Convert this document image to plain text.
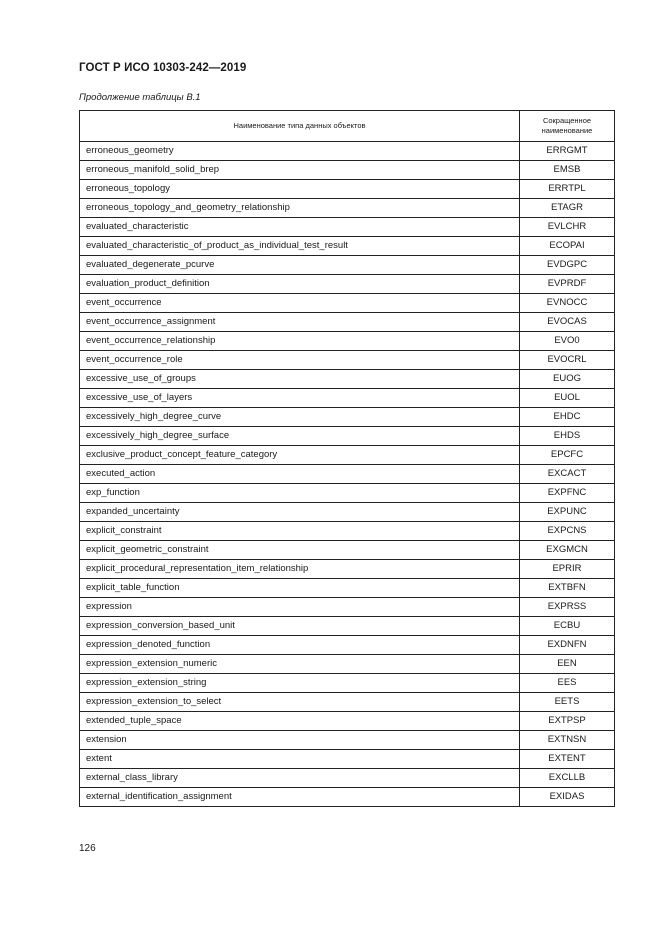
ГОСТ Р ИСО 10303-242—2019
Продолжение таблицы B.1
Наименование типа данных объектов	Сокращенное
наименование
erroneous_geometry	ERRGMT
erroneous_manifold_solid_brep	EMSB
erroneous_topology	ERRTPL
erroneous_topology_and_geometry_relationship	ETAGR
evaluated_characteristic	EVLCHR
evaluated_characteristic_of_product_as_individual_test_result	ECOPAI
evaluated_degenerate_pcurve	EVDGPC
evaluation_product_definition	EVPRDF
event_occurrence	EVNOCC
event_occurrence_assignment	EVOCAS
event_occurrence_relationship	EVO0
event_occurrence_role	EVOCRL
excessive_use_of_groups	EUOG
excessive_use_of_layers	EUOL
excessively_high_degree_curve	EHDC
excessively_high_degree_surface	EHDS
exclusive_product_concept_feature_category	EPCFC
executed_action	EXCACT
exp_function	EXPFNC
expanded_uncertainty	EXPUNC
explicit_constraint	EXPCNS
explicit_geometric_constraint	EXGMCN
explicit_procedural_representation_item_relationship	EPRIR
explicit_table_function	EXTBFN
expression	EXPRSS
expression_conversion_based_unit	ECBU
expression_denoted_function	EXDNFN
expression_extension_numeric	EEN
expression_extension_string	EES
expression_extension_to_select	EETS
extended_tuple_space	EXTPSP
extension	EXTNSN
extent	EXTENT
external_class_library	EXCLLB
external_identification_assignment	EXIDAS
126
